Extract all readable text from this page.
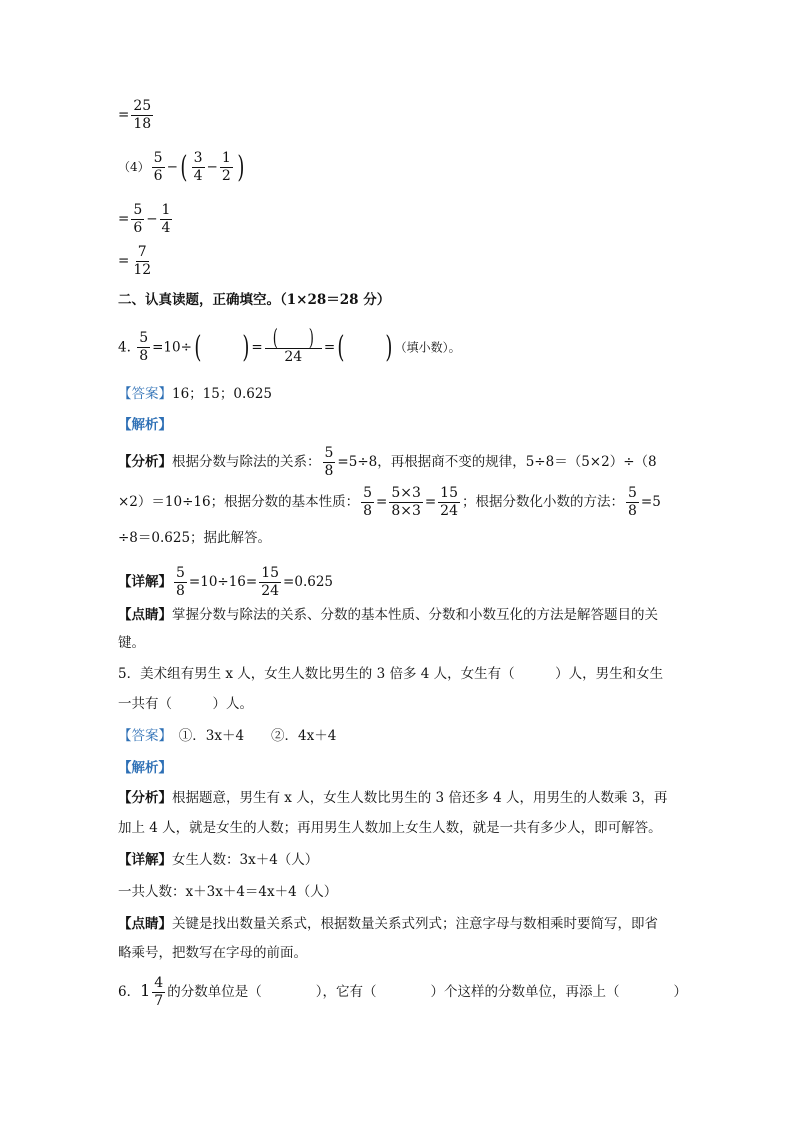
= $\frac{25}{18}$
$(4) \frac{5}{6}$ −( $\frac{3}{4} - \frac{1}{2}$ )
= $\frac{5}{6} - \frac{1}{4}$
= $\frac{7}{12}$
二、认真读题，正确填空。（1×28＝28 分）
4. $\frac{5}{8} =10\div$( ) = $\frac{( )}{24}$ =( ) （填小数）。
【答案】16；15；0.625
【解析】
【分析】根据分数与除法的关系： $\frac{5}{8} =5\div 8$，再根据商不变的规律，5÷8＝（5×2）÷（8
×2）＝10÷16；根据分数的基本性质： $\frac{5}{8} = \frac{5\times 3}{8\times 3} = \frac{15}{24}$ ；根据分数化小数的方法： $\frac{5}{8} =5$
÷8＝0.625；据此解答。
【详解】 $\frac{5}{8} =10\div 16= \frac{15}{24} =0.625$
【点睛】掌握分数与除法的关系、分数的基本性质、分数和小数互化的方法是解答题目的关
键。
5．美术组有男生 x 人，女生人数比男生的 3 倍多 4 人，女生有（　　　）人，男生和女生
一共有（　　　）人。
【答案】　①．3x＋4　　②．4x＋4
【解析】
【分析】根据题意，男生有 x 人，女生人数比男生的 3 倍还多 4 人，用男生的人数乘 3，再
加上 4 人，就是女生的人数；再用男生人数加上女生人数，就是一共有多少人，即可解答。
【详解】女生人数：3x＋4（人）
一共人数：x＋3x＋4＝4x＋4（人）
【点睛】关键是找出数量关系式，根据数量关系式列式；注意字母与数相乘时要简写，即省
略乘号，把数写在字母的前面。
6．$1 \frac{4}{7}$ 的分数单位是（　　　　），它有（　　　　）个这样的分数单位，再添上（　　　　）
